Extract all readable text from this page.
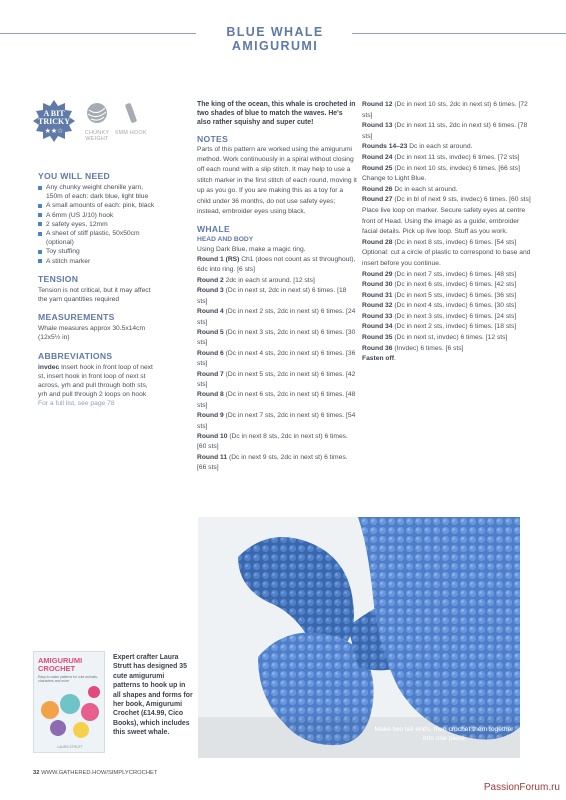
BLUE WHALE AMIGURUMI
A BIT TRICKY
★★☆	CHUNKY WEIGHT
6MM HOOK
YOU WILL NEED
Any chunky weight chenille yarn, 150m of each: dark blue, light blue
A small amounts of each: pink, black
A 6mm (US J/10) hook
2 safety eyes, 12mm
A sheet of stiff plastic, 50x50cm (optional)
Toy stuffing
A stitch marker
TENSION
Tension is not critical, but it may affect the yarn quantities required
MEASUREMENTS
Whale measures approx 30.5x14cm (12x5½ in)
ABBREVIATIONS
invdec Insert hook in front loop of next st, insert hook in front loop of next st across, yrh and pull through both sts, yrh and pull through 2 loops on hook
For a full list, see page 78
The king of the ocean, this whale is crocheted in two shades of blue to match the waves. He's also rather squishy and super cute!
NOTES
Parts of this pattern are worked using the amigurumi method. Work continuously in a spiral without closing off each round with a slip stitch. It may help to use a stitch marker in the first stitch of each round, moving it up as you go. If you are making this as a toy for a child under 36 months, do not use safety eyes; instead, embroider eyes using black.
WHALE
HEAD AND BODY
Using Dark Blue, make a magic ring.
Round 1 (RS) Ch1 (does not count as st throughout), 6dc into ring. [6 sts]
Round 2 2dc in each st around. [12 sts]
Round 3 (Dc in next st, 2dc in next st) 6 times. [18 sts]
Round 4 (Dc in next 2 sts, 2dc in next st) 6 times. [24 sts]
Round 5 (Dc in next 3 sts, 2dc in next st) 6 times. [30 sts]
Round 6 (Dc in next 4 sts, 2dc in next st) 6 times. [36 sts]
Round 7 (Dc in next 5 sts, 2dc in next st) 6 times. [42 sts]
Round 8 (Dc in next 6 sts, 2dc in next st) 6 times. [48 sts]
Round 9 (Dc in next 7 sts, 2dc in next st) 6 times. [54 sts]
Round 10 (Dc in next 8 sts, 2dc in next st) 6 times. [60 sts]
Round 11 (Dc in next 9 sts, 2dc in next st) 6 times. [66 sts]
Round 12 (Dc in next 10 sts, 2dc in next st) 6 times. [72 sts]
Round 13 (Dc in next 11 sts, 2dc in next st) 6 times. [78 sts]
Rounds 14–23 Dc in each st around.
Round 24 (Dc in next 11 sts, invdec) 6 times. [72 sts]
Round 25 (Dc in next 10 sts, invdec) 6 times. [66 sts]
Change to Light Blue.
Round 26 Dc in each st around.
Round 27 (Dc in bl of next 9 sts, invdec) 6 times. [60 sts]
Place live loop on marker. Secure safety eyes at centre front of Head. Using the image as a guide, embroider facial details. Pick up live loop. Stuff as you work.
Round 28 (Dc in next 8 sts, invdec) 6 times. [54 sts]
Optional: cut a circle of plastic to correspond to base and insert before you continue.
Round 29 (Dc in next 7 sts, invdec) 6 times. [48 sts]
Round 30 (Dc in next 6 sts, invdec) 6 times. [42 sts]
Round 31 (Dc in next 5 sts, invdec) 6 times. [36 sts]
Round 32 (Dc in next 4 sts, invdec) 6 times. [30 sts]
Round 33 (Dc in next 3 sts, invdec) 6 times. [24 sts]
Round 34 (Dc in next 2 sts, invdec) 6 times. [18 sts]
Round 35 (Dc in next st, invdec) 6 times. [12 sts]
Round 36 (Invdec) 6 times. [6 sts]
Fasten off.
Make two tail ends, then crochet them together into one piece
AMIGURUMI CROCHET
Easy-to-make patterns for cute animals, characters and more
LAURA STRUTT
Expert crafter Laura Strutt has designed 35 cute amigurumi patterns to hook up in all shapes and forms for her book, Amigurumi Crochet (£14.99, Cico Books), which includes this sweet whale.
32 WWW.GATHERED.HOW/SIMPLYCROCHET
PassionForum.ru
